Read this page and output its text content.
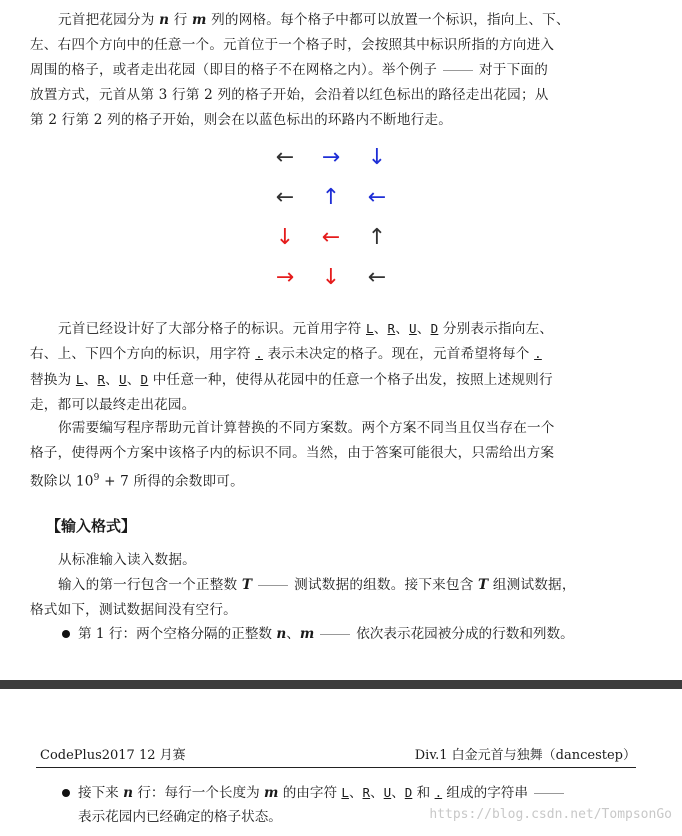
元首把花园分为 n 行 m 列的网格。每个格子中都可以放置一个标识，指向上、下、
左、右四个方向中的任意一个。元首位于一个格子时，会按照其中标识所指的方向进入
周围的格子，或者走出花园（即目的格子不在网格之内）。举个例子	对于下面的
放置方式，元首从第 3 行第 2 列的格子开始，会沿着以红色标出的路径走出花园；从
第 2 行第 2 列的格子开始，则会在以蓝色标出的环路内不断地行走。
←	→	↓
←	↑	←
↓	←	↑
→	↓	←
元首已经设计好了大部分格子的标识。元首用字符 L、R、U、D 分别表示指向左、
右、上、下四个方向的标识，用字符 . 表示未决定的格子。现在，元首希望将每个 .
替换为 L、R、U、D 中任意一种，使得从花园中的任意一个格子出发，按照上述规则行
走，都可以最终走出花园。
你需要编写程序帮助元首计算替换的不同方案数。两个方案不同当且仅当存在一个
格子，使得两个方案中该格子内的标识不同。当然，由于答案可能很大，只需给出方案
数除以 $10^9 + 7$ 所得的余数即可。
【输入格式】
从标准输入读入数据。
输入的第一行包含一个正整数 T	测试数据的组数。接下来包含 T 组测试数据，
格式如下，测试数据间没有空行。
第 1 行：两个空格分隔的正整数 n、m	依次表示花园被分成的行数和列数。
CodePlus2017 12 月赛	Div.1 白金元首与独舞（dancestep）
接下来 n 行：每行一个长度为 m 的由字符 L、R、U、D 和 . 组成的字符串
表示花园内已经确定的格子状态。	https://blog.csdn.net/TompsonGo
